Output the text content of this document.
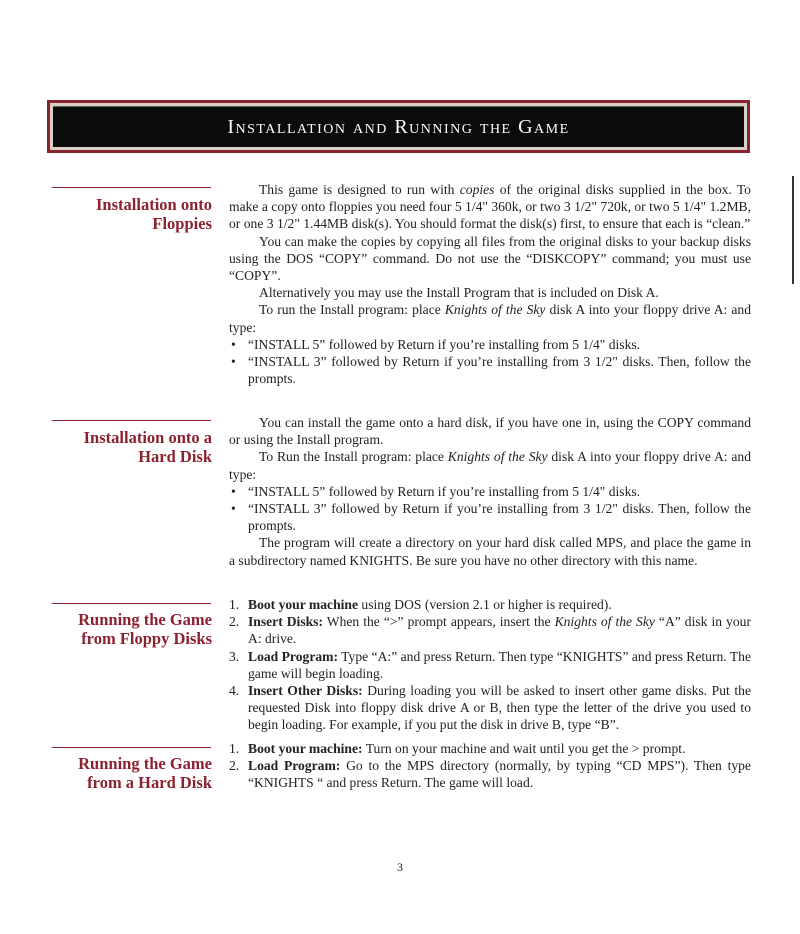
Installation and Running the Game
Installation onto
Floppies

This game is designed to run with copies of the original disks supplied in the box. To make a copy onto floppies you need four 5 1/4" 360k, or two 3 1/2" 720k, or two 5 1/4" 1.2MB, or one 3 1/2" 1.44MB disk(s). You should format the disk(s) first, to ensure that each is “clean.”

You can make the copies by copying all files from the original disks to your backup disks using the DOS “COPY” command. Do not use the “DISKCOPY” command; you must use “COPY”.

Alternatively you may use the Install Program that is included on Disk A.

To run the Install program: place Knights of the Sky disk A into your floppy drive A: and type:

• “INSTALL 5” followed by Return if you’re installing from 5 1/4" disks.
• “INSTALL 3” followed by Return if you’re installing from 3 1/2" disks. Then, follow the prompts.
Installation onto a
Hard Disk

You can install the game onto a hard disk, if you have one in, using the COPY command or using the Install program.

To Run the Install program: place Knights of the Sky disk A into your floppy drive A: and type:

• “INSTALL 5” followed by Return if you’re installing from 5 1/4" disks.
• “INSTALL 3” followed by Return if you’re installing from 3 1/2" disks. Then, follow the prompts.

The program will create a directory on your hard disk called MPS, and place the game in a subdirectory named KNIGHTS. Be sure you have no other directory with this name.

Running the Game
from Floppy Disks
1. Boot your machine using DOS (version 2.1 or higher is required).
2. Insert Disks: When the “>” prompt appears, insert the Knights of the Sky “A” disk in your A: drive.
3. Load Program: Type “A:” and press Return. Then type “KNIGHTS” and press Return. The game will begin loading.
4. Insert Other Disks: During loading you will be asked to insert other game disks. Put the requested Disk into floppy disk drive A or B, then type the letter of the drive you used to begin loading. For example, if you put the disk in drive B, type “B”.
Running the Game
from a Hard Disk
1. Boot your machine: Turn on your machine and wait until you get the > prompt.
2. Load Program: Go to the MPS directory (normally, by typing “CD MPS”). Then type “KNIGHTS “ and press Return. The game will load.
3
